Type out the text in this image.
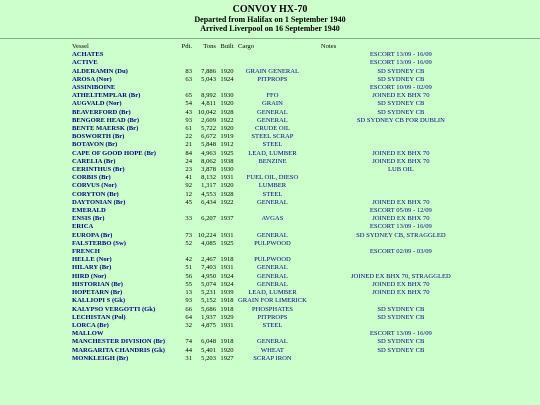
CONVOY HX-70
Departed from Halifax on 1 September 1940
Arrived Liverpool on 16 September 1940
Vessel	Pdt.	Tons	Built	Cargo	Notes
ACHATES					ESCORT 13/09 - 16/09
ACTIVE					ESCORT 13/09 - 16/09
ALDERAMIN (Du)	83	7,886	1920	GRAIN GENERAL	SD SYDNEY CB
AROSA (Nor)	63	5,043	1924	PITPROPS	SD SYDNEY CB
ASSINIBOINE					ESCORT 10/09 - 02/09
ATHELTEMPLAR (Br)	65	8,992	1930	FFO	JOINED EX BHX 70
AUGVALD (Nor)	54	4,811	1920	GRAIN	SD SYDNEY CB
BEAVERFORD (Br)	43	10,042	1928	GENERAL	SD SYDNEY CB
BENGORE HEAD (Br)	93	2,609	1922	GENERAL	SD SYDNEY CB FOR DUBLIN
BENTE MAERSK (Br)	61	5,722	1920	CRUDE OIL	
BOSWORTH (Br)	22	6,672	1919	STEEL SCRAP	
BOTAVON (Br)	21	5,848	1912	STEEL	
CAPE OF GOOD HOPE (Br)	84	4,963	1925	LEAD, LUMBER	JOINED EX BHX 70
CARELIA (Br)	24	8,062	1938	BENZINE	JOINED EX BHX 70
CERINTHUS (Br)	23	3,878	1930		LUB OIL
CORBIS (Br)	41	8,132	1931	FUEL OIL, DIESO	
CORVUS (Nor)	92	1,317	1920	LUMBER	
CORYTON (Br)	12	4,553	1928	STEEL	
DAYTONIAN (Br)	45	6,434	1922	GENERAL	JOINED EX BHX 70
EMERALD					ESCORT 05/09 - 12/09
ENSIS (Br)	33	6,207	1937	AVGAS	JOINED EX BHX 70
ERICA					ESCORT 13/09 - 16/09
EUROPA (Br)	73	10,224	1931	GENERAL	SD SYDNEY CB, STRAGGLED
FALSTERBO (Sw)	52	4,085	1925	PULPWOOD	
FRENCH					ESCORT 02/09 - 03/09
HELLE (Nor)	42	2,467	1918	PULPWOOD	
HILARY (Br)	51	7,403	1931	GENERAL	
HIRD (Nor)	56	4,950	1924	GENERAL	JOINED EX BHX 70, STRAGGLED
HISTORIAN (Br)	55	5,074	1924	GENERAL	JOINED EX BHX 70
HOPETARN (Br)	13	5,231	1939	LEAD, LUMBER	JOINED EX BHX 70
KALLIOPI S (Gk)	93	5,152	1918	GRAIN FOR LIMERICK	
KALYPSO VERGOTTI (Gk)	66	5,686	1918	PHOSPHATES	SD SYDNEY CB
LECHISTAN (Pol)	64	1,937	1929	PITPROPS	SD SYDNEY CB
LORCA (Br)	32	4,875	1931	STEEL	
MALLOW					ESCORT 13/09 - 16/09
MANCHESTER DIVISION (Br)	74	6,048	1918	GENERAL	SD SYDNEY CB
MARGARITA CHANDRIS (Gk)	44	5,401	1920	WHEAT	SD SYDNEY CB
MONKLEIGH (Br)	31	5,203	1927	SCRAP IRON	
